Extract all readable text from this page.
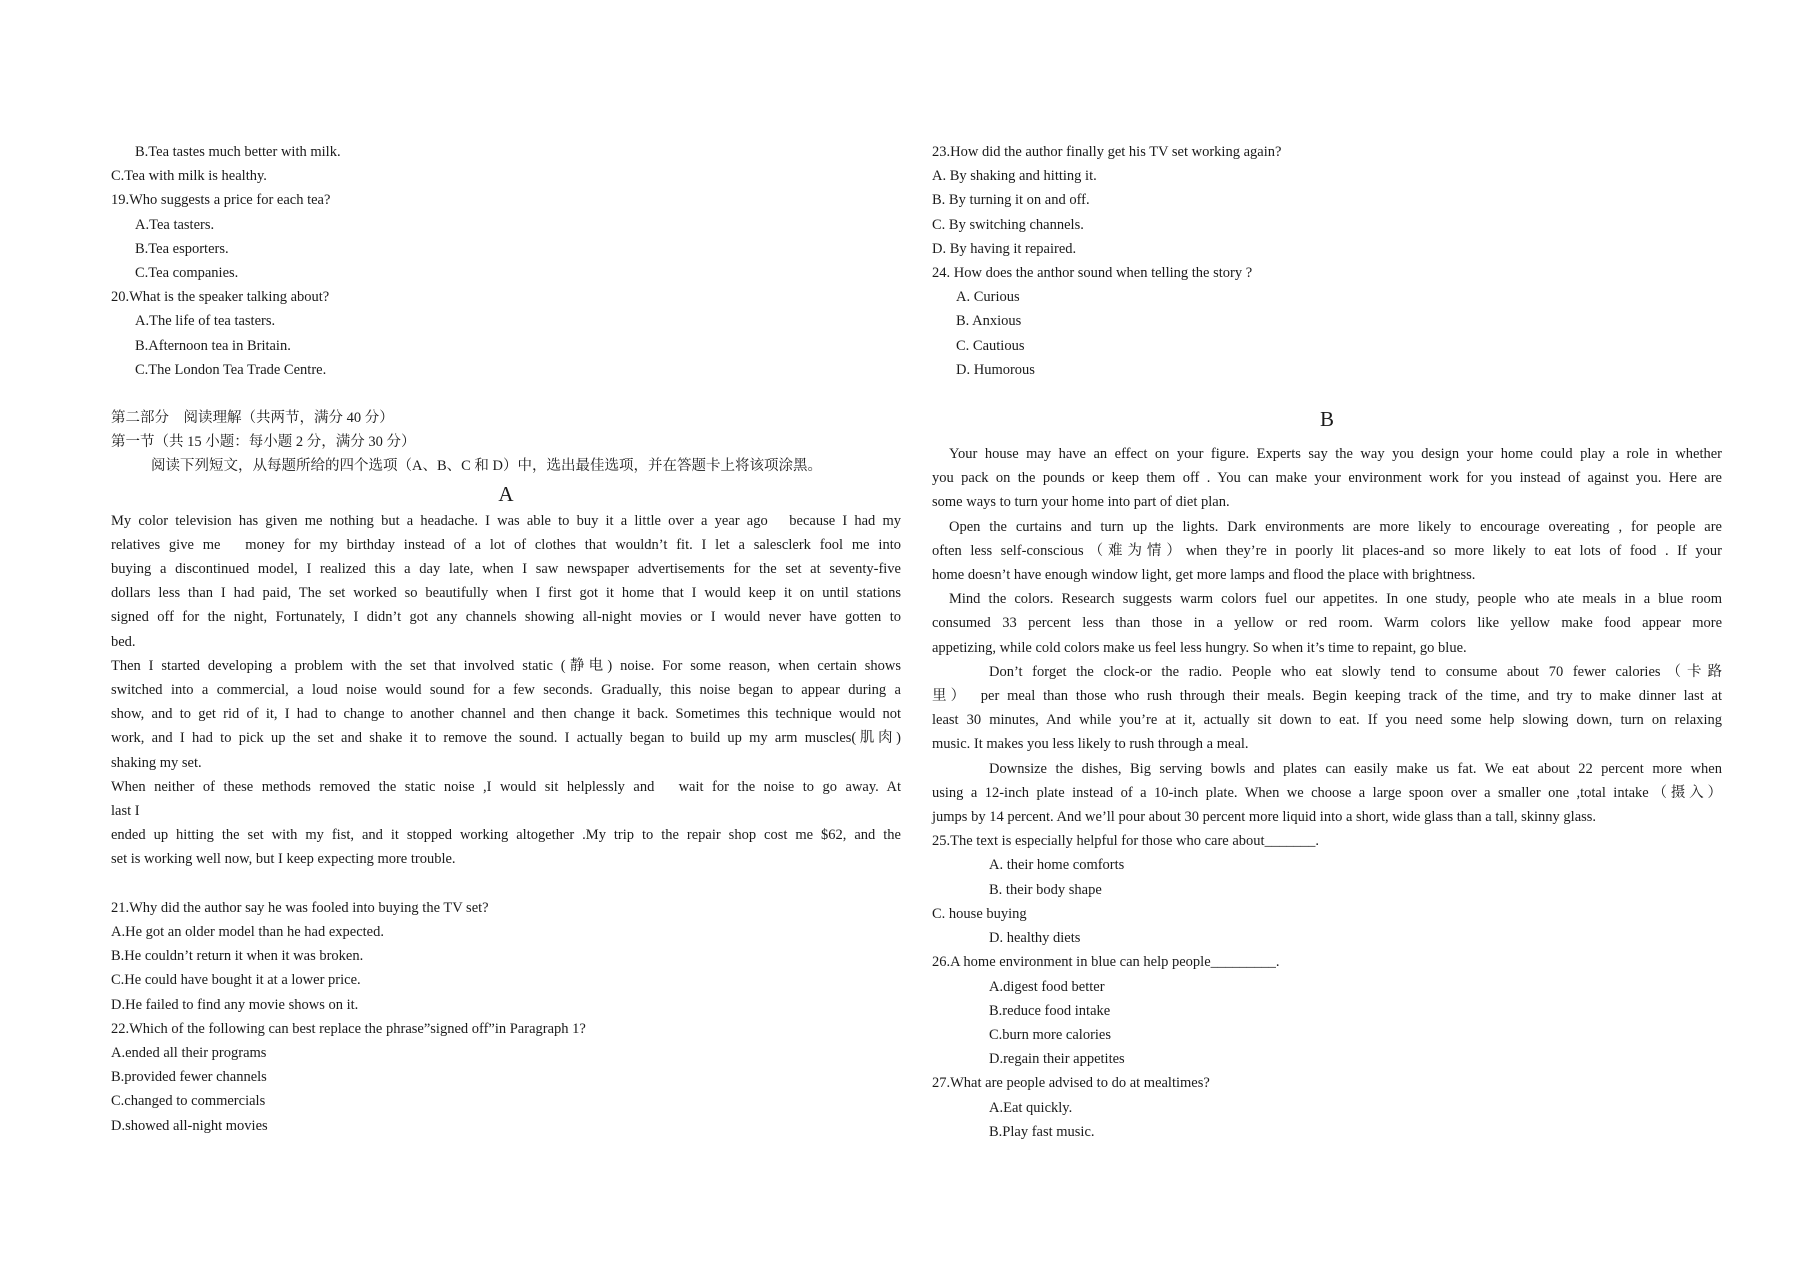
B.Tea tastes much better with milk.
C.Tea with milk is healthy.
19.Who suggests a price for each tea?
A.Tea tasters.
B.Tea esporters.
C.Tea companies.
20.What is the speaker talking about?
A.The life of tea tasters.
B.Afternoon tea in Britain.
C.The London Tea Trade Centre.
第二部分　阅读理解（共两节，满分 40 分）
第一节（共 15 小题：每小题 2 分，满分 30 分）
阅读下列短文，从每题所给的四个选项（A、B、C 和 D）中，选出最佳选项，并在答题卡上将该项涂黑。
A
My color television has given me nothing but a headache. I was able to buy it a little over a year ago　because I had my
relatives give me　money for my birthday instead of a lot of clothes that wouldn’t fit. I let a salesclerk fool me into
buying a discontinued model, I realized this a day late, when I saw newspaper advertisements for the set at seventy-five
dollars less than I had paid, The set worked so beautifully when I first got it home that I would keep it on until stations
signed off for the night, Fortunately, I didn’t got any channels showing all-night movies or I would never have gotten to
bed.
Then I started developing a problem with the set that involved static (静电) noise. For some reason, when certain shows
switched into a commercial, a loud noise would sound for a few seconds. Gradually, this noise began to appear during a
show, and to get rid of it, I had to change to another channel and then change it back. Sometimes this technique would not
work, and I had to pick up the set and shake it to remove the sound. I actually began to build up my arm muscles(肌肉)
shaking my set.
When neither of these methods removed the static noise ,I would sit helplessly and　wait for the noise to go away. At
last I
ended up hitting the set with my fist, and it stopped working altogether .My trip to the repair shop cost me $62, and the
set is working well now, but I keep expecting more trouble.
21.Why did the author say he was fooled into buying the TV set?
A.He got an older model than he had expected.
B.He couldn’t return it when it was broken.
C.He could have bought it at a lower price.
D.He failed to find any movie shows on it.
22.Which of the following can best replace the phrase”signed off”in Paragraph 1?
A.ended all their programs
B.provided fewer channels
C.changed to commercials
D.showed all-night movies
23.How did the author finally get his TV set working again?
A. By shaking and hitting it.
B. By turning it on and off.
C. By switching channels.
D. By having it repaired.
24. How does the anthor sound when telling the story ?
A. Curious
B. Anxious
C. Cautious
D. Humorous
B
Your house may have an effect on your figure. Experts say the way you design your home could play a role in whether
you pack on the pounds or keep them off . You can make your environment work for you instead of against you. Here are
some ways to turn your home into part of diet plan.
Open the curtains and turn up the lights. Dark environments are more likely to encourage overeating , for people are
often less self-conscious（难为情）when they’re in poorly lit places-and so more likely to eat lots of food . If your
home doesn’t have enough window light, get more lamps and flood the place with brightness.
Mind the colors. Research suggests warm colors fuel our appetites. In one study, people who ate meals in a blue room
consumed 33 percent less than those in a yellow or red room. Warm colors like yellow make food appear more
appetizing, while cold colors make us feel less hungry. So when it’s time to repaint, go blue.
Don’t forget the clock-or the radio. People who eat slowly tend to consume about 70 fewer calories（卡路
里）　per meal than those who rush through their meals. Begin keeping track of the time, and try to make dinner last at
least 30 minutes, And while you’re at it, actually sit down to eat. If you need some help slowing down, turn on relaxing
music. It makes you less likely to rush through a meal.
Downsize the dishes, Big serving bowls and plates can easily make us fat. We eat about 22 percent more when
using a 12-inch plate instead of a 10-inch plate. When we choose a large spoon over a smaller one ,total intake（摄入）
jumps by 14 percent. And we’ll pour about 30 percent more liquid into a short, wide glass than a tall, skinny glass.
25.The text is especially helpful for those who care about_______.
A. their home comforts
B. their body shape
C. house buying
D. healthy diets
26.A home environment in blue can help people_________.
A.digest food better
B.reduce food intake
C.burn more calories
D.regain their appetites
27.What are people advised to do at mealtimes?
A.Eat quickly.
B.Play fast music.
